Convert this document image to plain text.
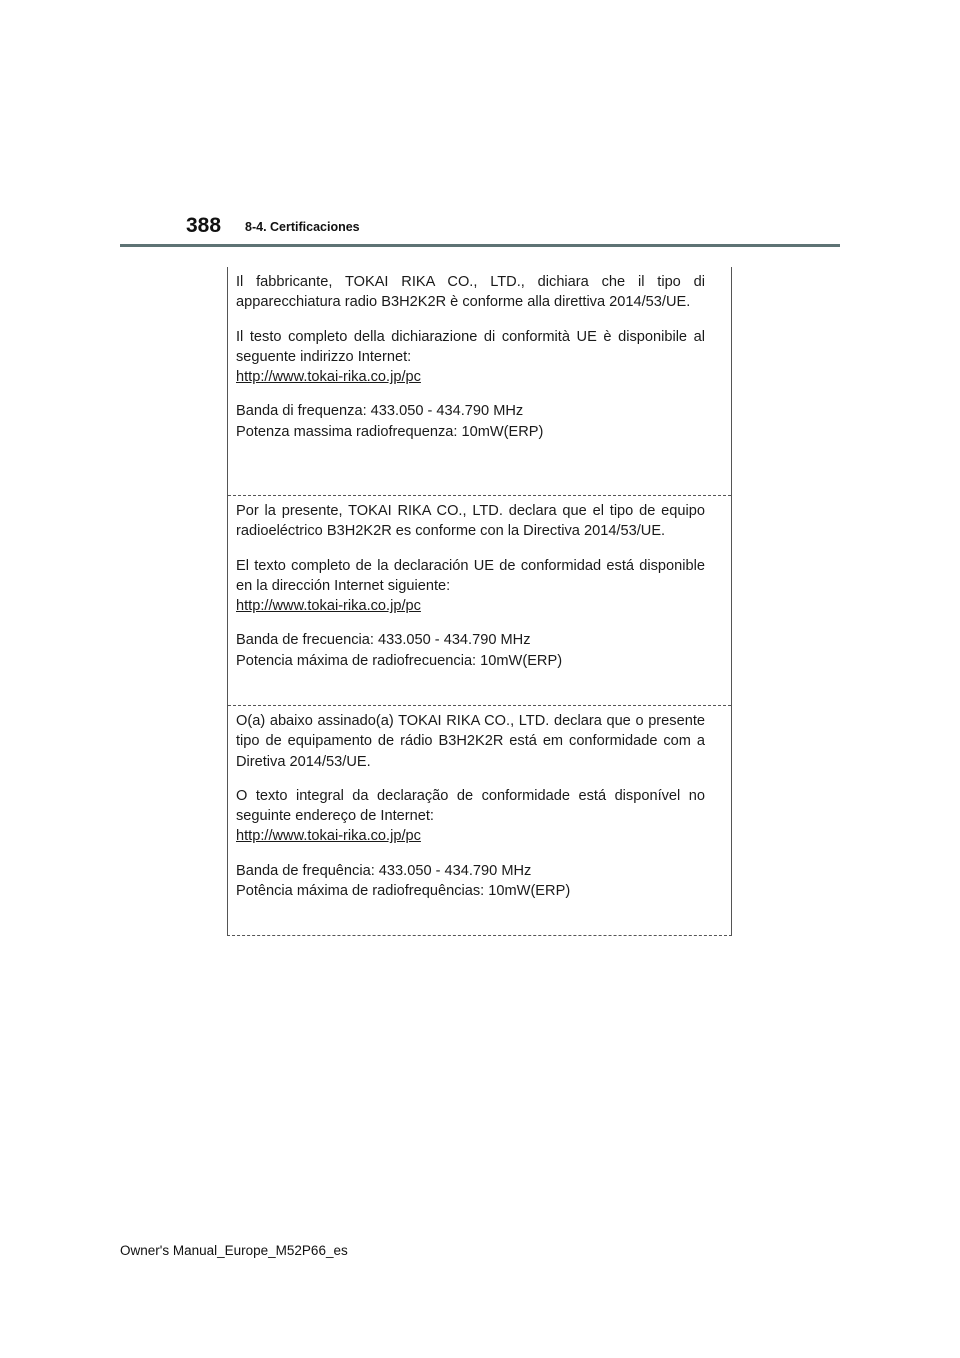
388 8-4. Certificaciones

Il fabbricante, TOKAI RIKA CO., LTD., dichiara che il tipo di apparecchiatura radio B3H2K2R è conforme alla direttiva 2014/53/UE.

Il testo completo della dichiarazione di conformità UE è disponibile al seguente indirizzo Internet:
http://www.tokai-rika.co.jp/pc

Banda di frequenza: 433.050 - 434.790 MHz
Potenza massima radiofrequenza: 10mW(ERP)

Por la presente, TOKAI RIKA CO., LTD. declara que el tipo de equipo radioeléctrico B3H2K2R es conforme con la Directiva 2014/53/UE.

El texto completo de la declaración UE de conformidad está disponible en la dirección Internet siguiente:
http://www.tokai-rika.co.jp/pc

Banda de frecuencia: 433.050 - 434.790 MHz
Potencia máxima de radiofrecuencia: 10mW(ERP)

O(a) abaixo assinado(a) TOKAI RIKA CO., LTD. declara que o presente tipo de equipamento de rádio B3H2K2R está em conformidade com a Diretiva 2014/53/UE.

O texto integral da declaração de conformidade está disponível no seguinte endereço de Internet:
http://www.tokai-rika.co.jp/pc

Banda de frequência: 433.050 - 434.790 MHz
Potência máxima de radiofrequências: 10mW(ERP)

Owner's Manual_Europe_M52P66_es
